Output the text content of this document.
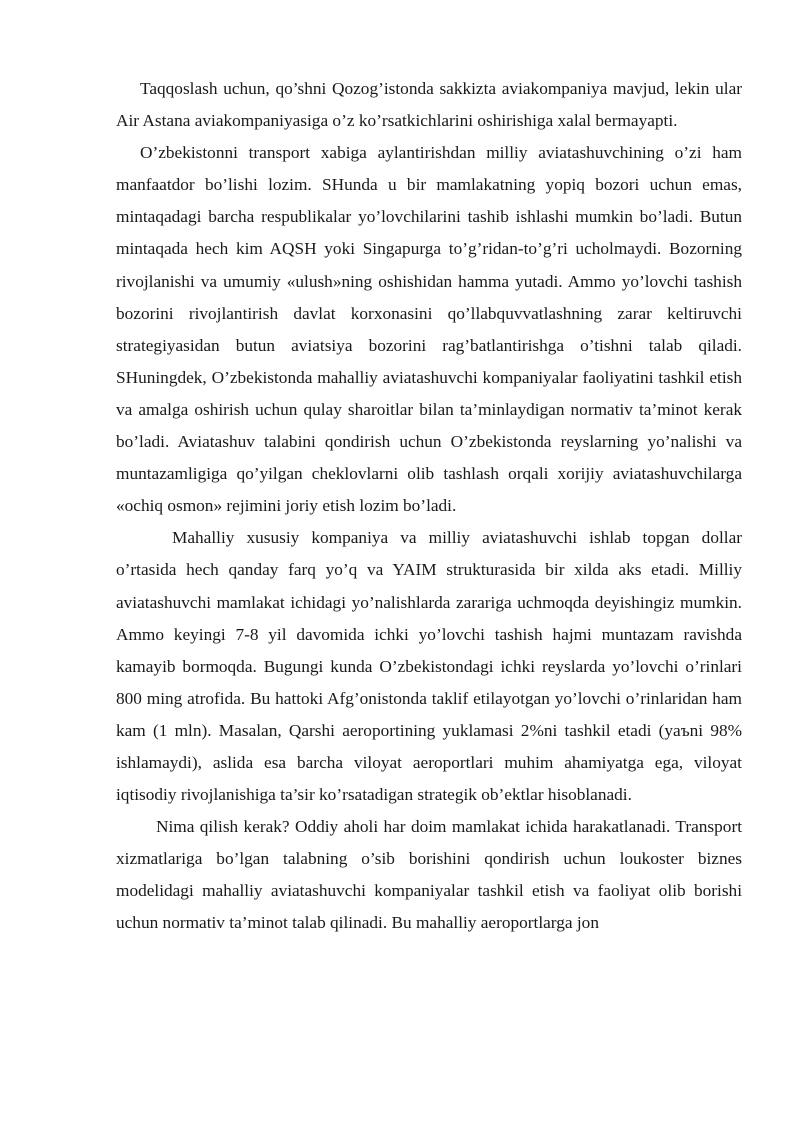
Taqqoslash uchun, qo’shni Qozog’istonda sakkizta aviakompaniya mavjud, lekin ular Air Astana aviakompaniyasiga o’z ko’rsatkichlarini oshirishiga xalal bermayapti.

O’zbekistonni transport xabiga aylantirishdan milliy aviatashuvchining o’zi ham manfaatdor bo’lishi lozim. SHunda u bir mamlakatning yopiq bozori uchun emas, mintaqadagi barcha respublikalar yo’lovchilarini tashib ishlashi mumkin bo’ladi. Butun mintaqada hech kim AQSH yoki Singapurga to’g’ridan-to’g’ri ucholmaydi. Bozorning rivojlanishi va umumiy «ulush»ning oshishidan hamma yutadi. Ammo yo’lovchi tashish bozorini rivojlantirish davlat korxonasini qo’llabquvvatlashning zarar keltiruvchi strategiyasidan butun aviatsiya bozorini rag’batlantirishga o’tishni talab qiladi. SHuningdek, O’zbekistonda mahalliy aviatashuvchi kompaniyalar faoliyatini tashkil etish va amalga oshirish uchun qulay sharoitlar bilan ta’minlaydigan normativ ta’minot kerak bo’ladi. Aviatashuv talabini qondirish uchun O’zbekistonda reyslarning yo’nalishi va muntazamligiga qo’yilgan cheklovlarni olib tashlash orqali xorijiy aviatashuvchilarga «ochiq osmon» rejimini joriy etish lozim bo’ladi.

Mahalliy xususiy kompaniya va milliy aviatashuvchi ishlab topgan dollar o’rtasida hech qanday farq yo’q va YAIM strukturasida bir xilda aks etadi. Milliy aviatashuvchi mamlakat ichidagi yo’nalishlarda zarariga uchmoqda deyishingiz mumkin. Ammo keyingi 7-8 yil davomida ichki yo’lovchi tashish hajmi muntazam ravishda kamayib bormoqda. Bugungi kunda O’zbekistondagi ichki reyslarda yo’lovchi o’rinlari 800 ming atrofida. Bu hattoki Afg’onistonda taklif etilayotgan yo’lovchi o’rinlaridan ham kam (1 mln). Masalan, Qarshi aeroportining yuklamasi 2%ni tashkil etadi (yaъni 98% ishlamaydi), aslida esa barcha viloyat aeroportlari muhim ahamiyatga ega, viloyat iqtisodiy rivojlanishiga ta’sir ko’rsatadigan strategik ob’ektlar hisoblanadi.

Nima qilish kerak? Oddiy aholi har doim mamlakat ichida harakatlanadi. Transport xizmatlariga bo’lgan talabning o’sib borishini qondirish uchun loukoster biznes modelidagi mahalliy aviatashuvchi kompaniyalar tashkil etish va faoliyat olib borishi uchun normativ ta’minot talab qilinadi. Bu mahalliy aeroportlarga jon
